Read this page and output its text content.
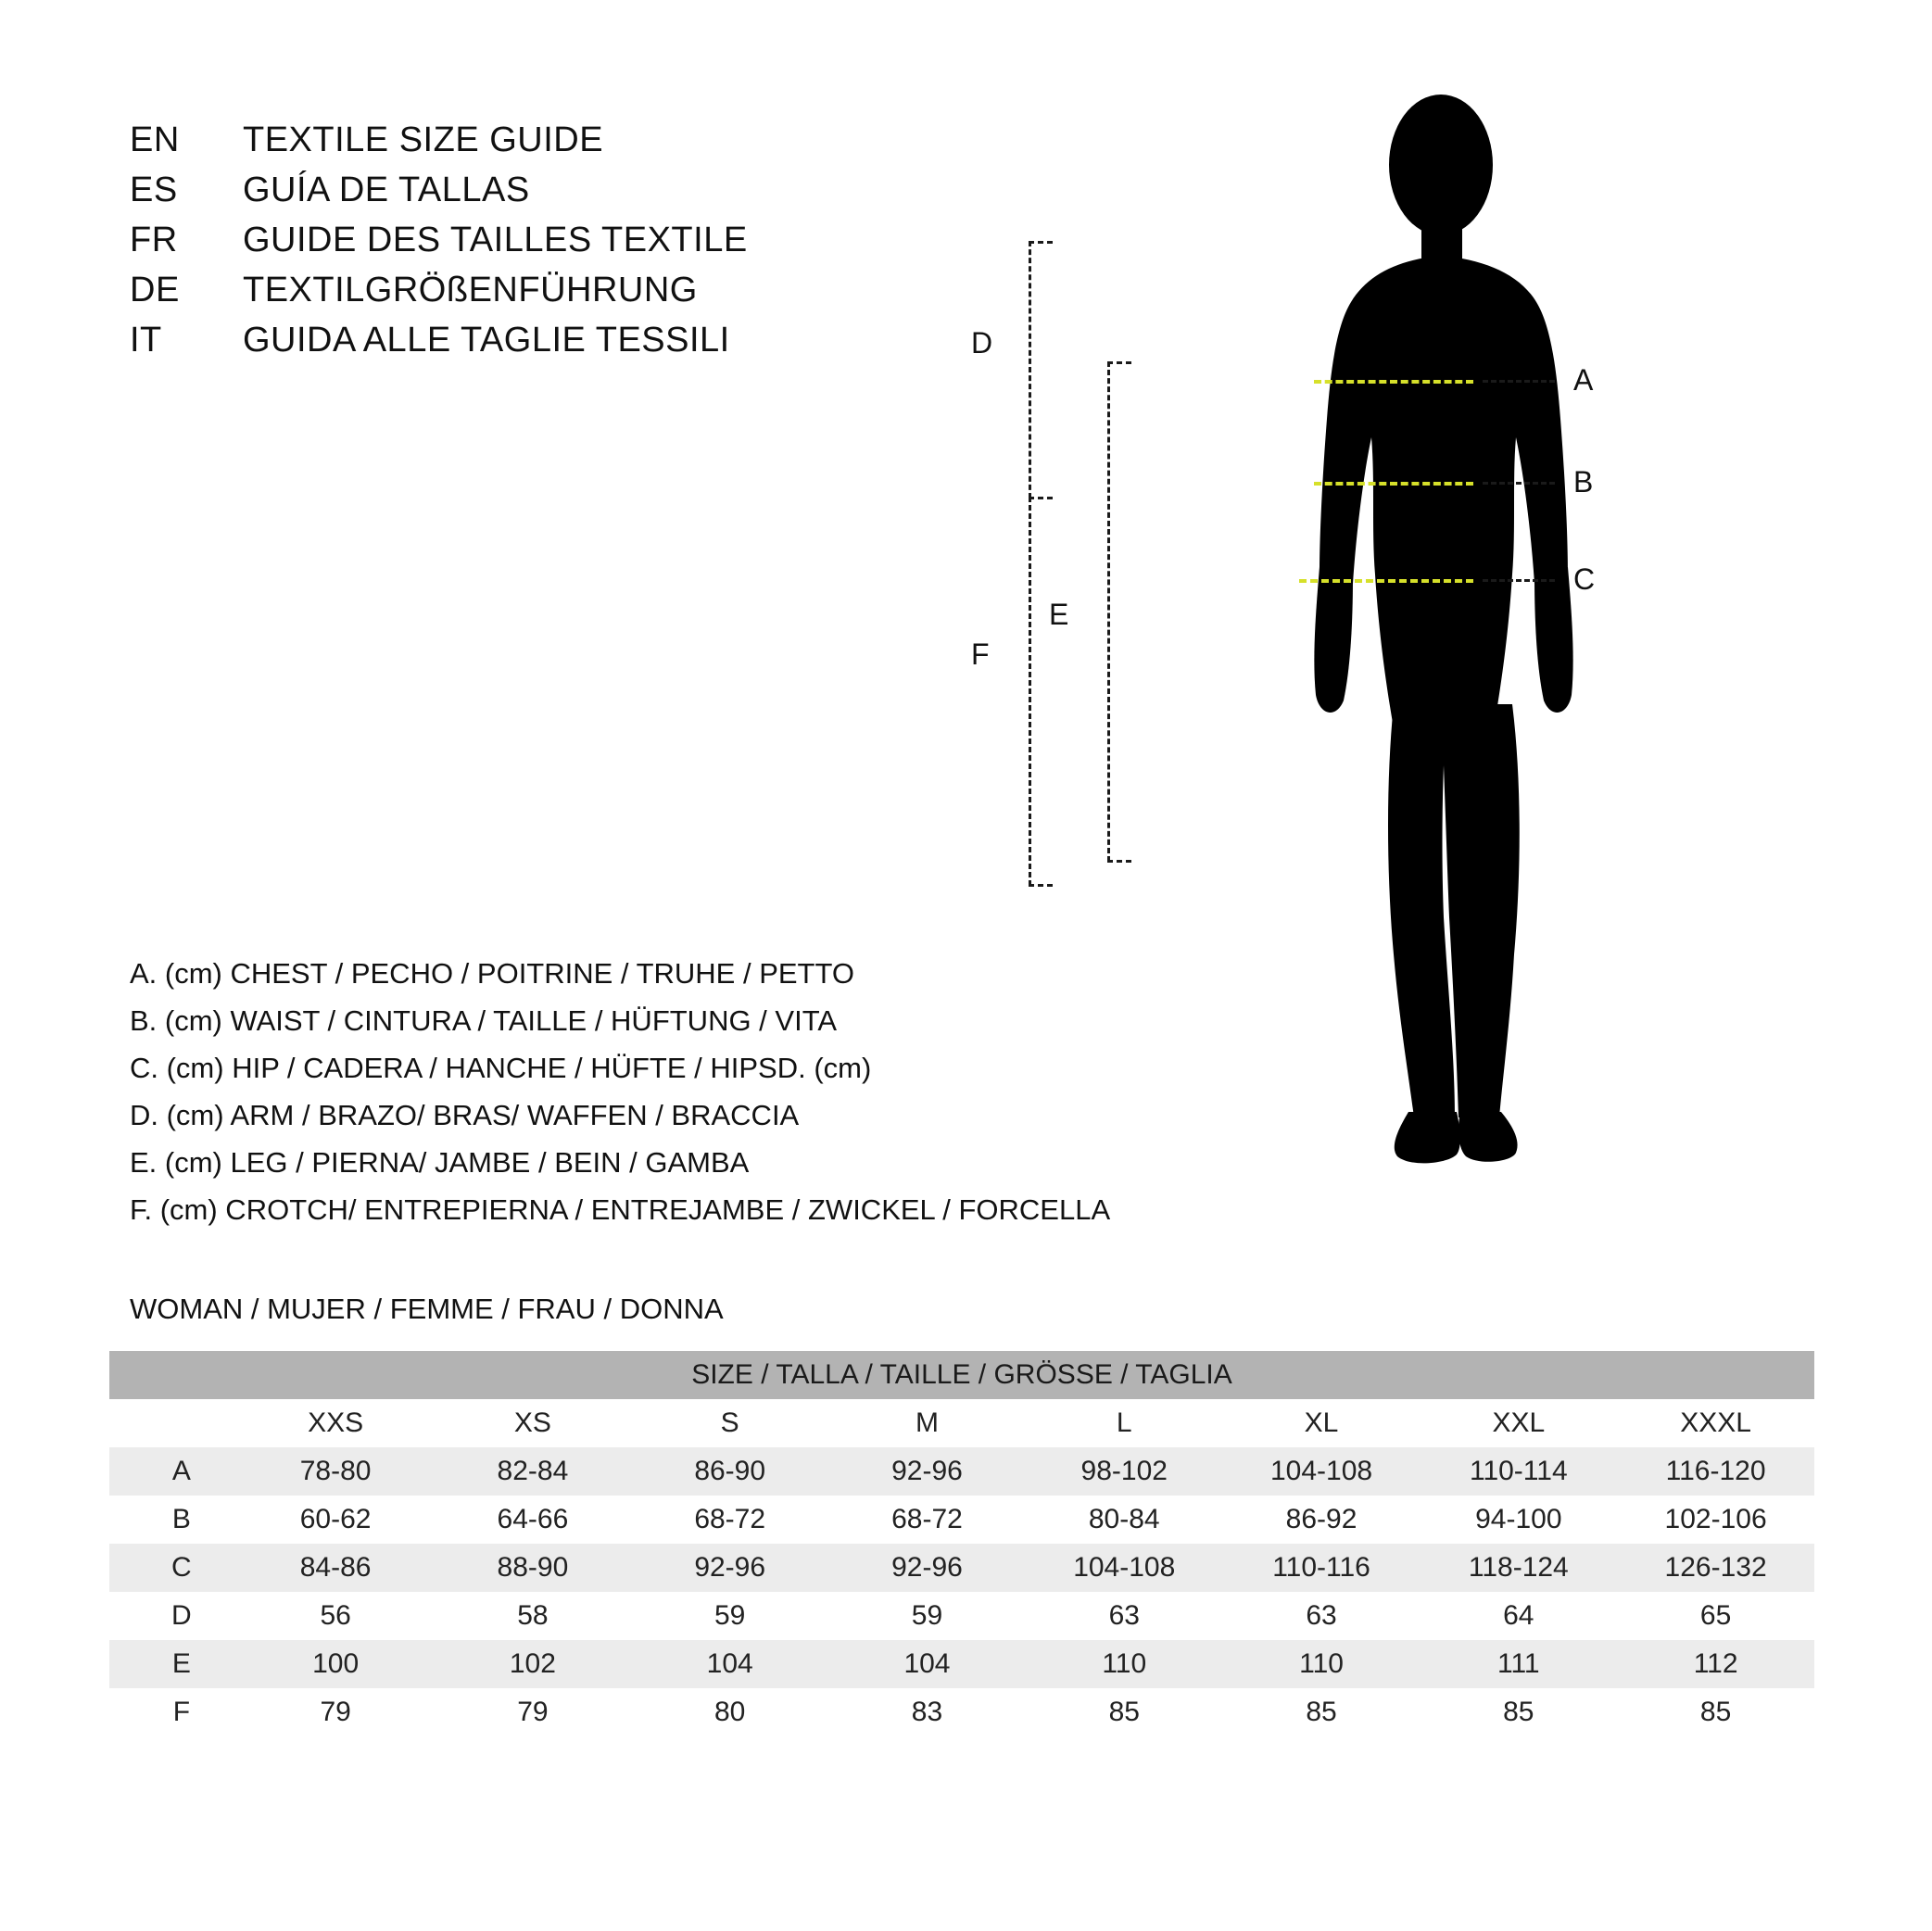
EN	TEXTILE SIZE GUIDE
ES	GUÍA DE TALLAS
FR	GUIDE DES TAILLES TEXTILE
DE	TEXTILGRÖßENFÜHRUNG
IT	GUIDA ALLE TAGLIE TESSILI
A
B
C
D
F
E
A. (cm) CHEST / PECHO / POITRINE / TRUHE / PETTO
B. (cm) WAIST / CINTURA / TAILLE / HÜFTUNG / VITA
C. (cm) HIP / CADERA / HANCHE / HÜFTE / HIPSD. (cm)
D. (cm) ARM / BRAZO/ BRAS/ WAFFEN / BRACCIA
E. (cm) LEG / PIERNA/ JAMBE / BEIN / GAMBA
F. (cm) CROTCH/ ENTREPIERNA / ENTREJAMBE / ZWICKEL / FORCELLA
WOMAN / MUJER / FEMME / FRAU / DONNA
SIZE / TALLA / TAILLE / GRÖSSE / TAGLIA								
	XXS	XS	S	M	L	XL	XXL	XXXL
A	78-80	82-84	86-90	92-96	98-102	104-108	110-114	116-120
B	60-62	64-66	68-72	68-72	80-84	86-92	94-100	102-106
C	84-86	88-90	92-96	92-96	104-108	110-116	118-124	126-132
D	56	58	59	59	63	63	64	65
E	100	102	104	104	110	110	111	112
F	79	79	80	83	85	85	85	85
